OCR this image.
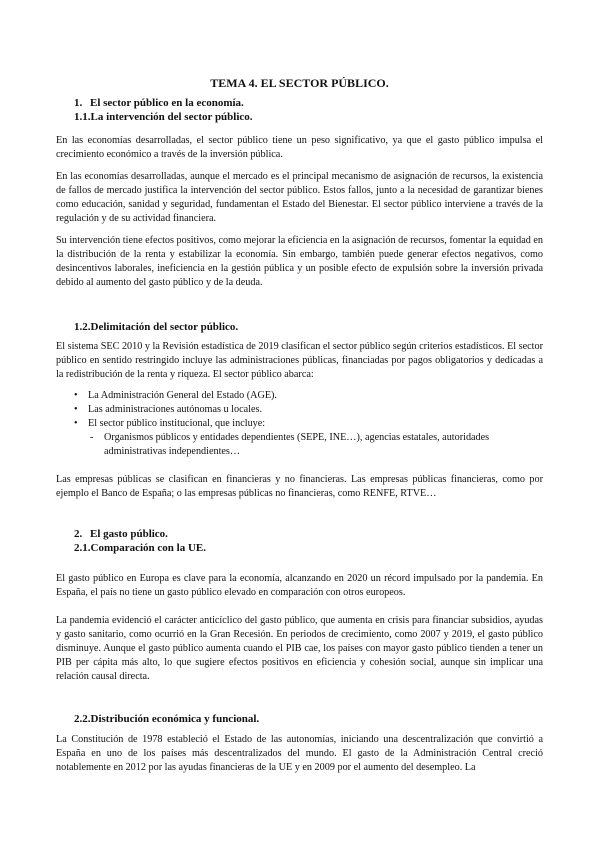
TEMA 4. EL SECTOR PÚBLICO.
1. El sector público en la economía.
1.1.La intervención del sector público.

En las economías desarrolladas, el sector público tiene un peso significativo, ya que el gasto público impulsa el crecimiento económico a través de la inversión pública.

En las economías desarrolladas, aunque el mercado es el principal mecanismo de asignación de recursos, la existencia de fallos de mercado justifica la intervención del sector público. Estos fallos, junto a la necesidad de garantizar bienes como educación, sanidad y seguridad, fundamentan el Estado del Bienestar. El sector público interviene a través de la regulación y de su actividad financiera.

Su intervención tiene efectos positivos, como mejorar la eficiencia en la asignación de recursos, fomentar la equidad en la distribución de la renta y estabilizar la economía. Sin embargo, también puede generar efectos negativos, como desincentivos laborales, ineficiencia en la gestión pública y un posible efecto de expulsión sobre la inversión privada debido al aumento del gasto público y de la deuda.

1.2.Delimitación del sector público.

El sistema SEC 2010 y la Revisión estadística de 2019 clasifican el sector público según criterios estadísticos. El sector público en sentido restringido incluye las administraciones públicas, financiadas por pagos obligatorios y dedicadas a la redistribución de la renta y riqueza. El sector público abarca:

• La Administración General del Estado (AGE).
• Las administraciones autónomas u locales.
• El sector público institucional, que incluye:
- Organismos públicos y entidades dependientes (SEPE, INE…), agencias estatales, autoridades administrativas independientes…

Las empresas públicas se clasifican en financieras y no financieras. Las empresas públicas financieras, como por ejemplo el Banco de España; o las empresas públicas no financieras, como RENFE, RTVE…

2. El gasto público.
2.1.Comparación con la UE.

El gasto público en Europa es clave para la economía, alcanzando en 2020 un récord impulsado por la pandemia. En España, el país no tiene un gasto público elevado en comparación con otros europeos.

La pandemia evidenció el carácter anticíclico del gasto público, que aumenta en crisis para financiar subsidios, ayudas y gasto sanitario, como ocurrió en la Gran Recesión. En periodos de crecimiento, como 2007 y 2019, el gasto público disminuye. Aunque el gasto público aumenta cuando el PIB cae, los países con mayor gasto público tienden a tener un PIB per cápita más alto, lo que sugiere efectos positivos en eficiencia y cohesión social, aunque sin implicar una relación causal directa.

2.2.Distribución económica y funcional.

La Constitución de 1978 estableció el Estado de las autonomías, iniciando una descentralización que convirtió a España en uno de los países más descentralizados del mundo. El gasto de la Administración Central creció notablemente en 2012 por las ayudas financieras de la UE y en 2009 por el aumento del desempleo. La
